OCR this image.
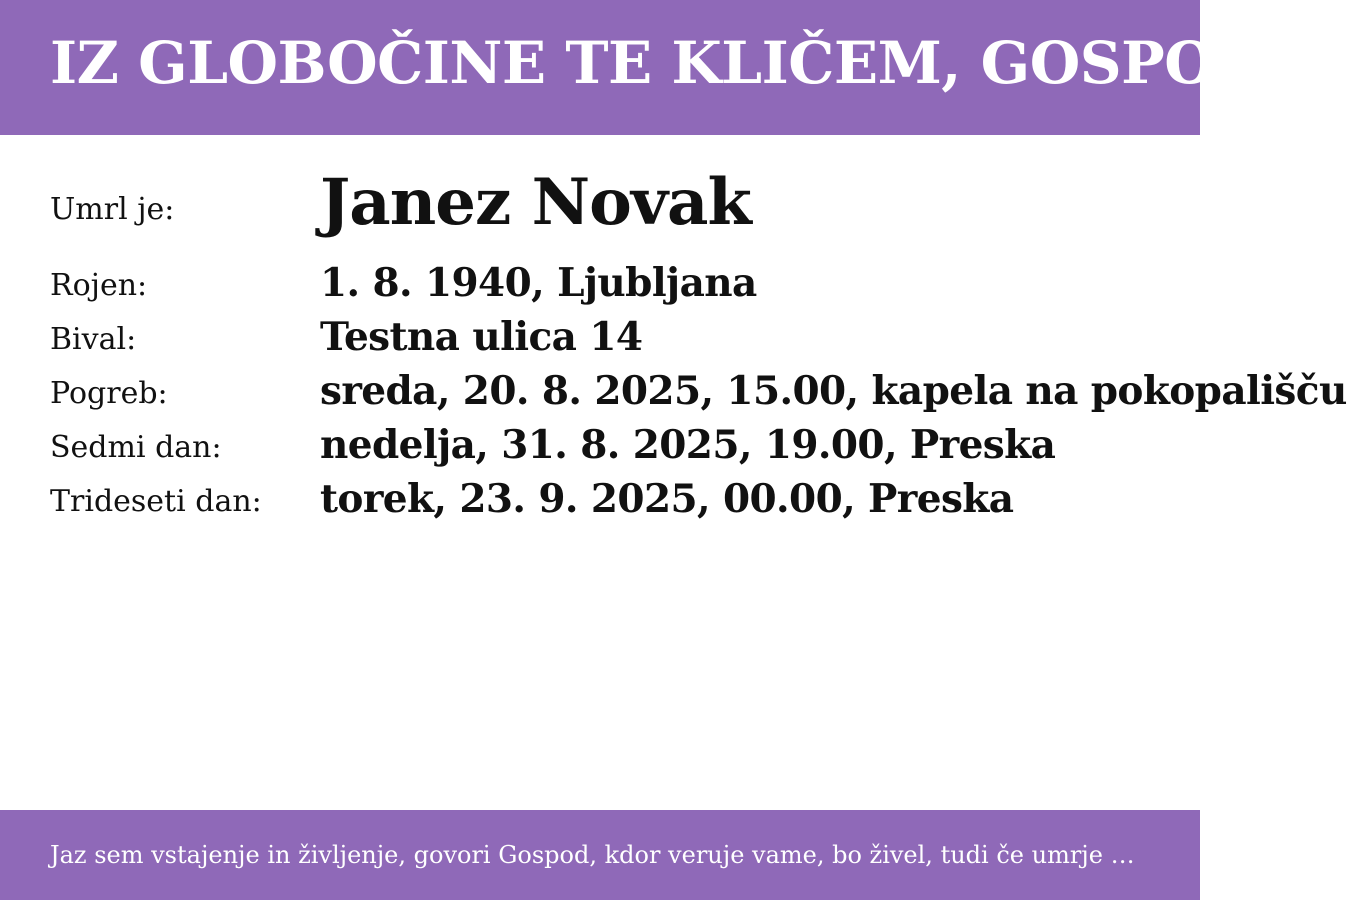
IZ GLOBOČINE TE KLIČEM, GOSPOD!
Umrl je: Janez Novak
Rojen:	1. 8. 1940, Ljubljana
Bival:	Testna ulica 14
Pogreb:	sreda, 20. 8. 2025, 15.00, kapela na pokopališču
Sedmi dan:	nedelja, 31. 8. 2025, 19.00, Preska
Trideseti dan: torek, 23. 9. 2025, 00.00, Preska
Jaz sem vstajenje in življenje, govori Gospod, kdor veruje vame, bo živel, tudi če umrje …
